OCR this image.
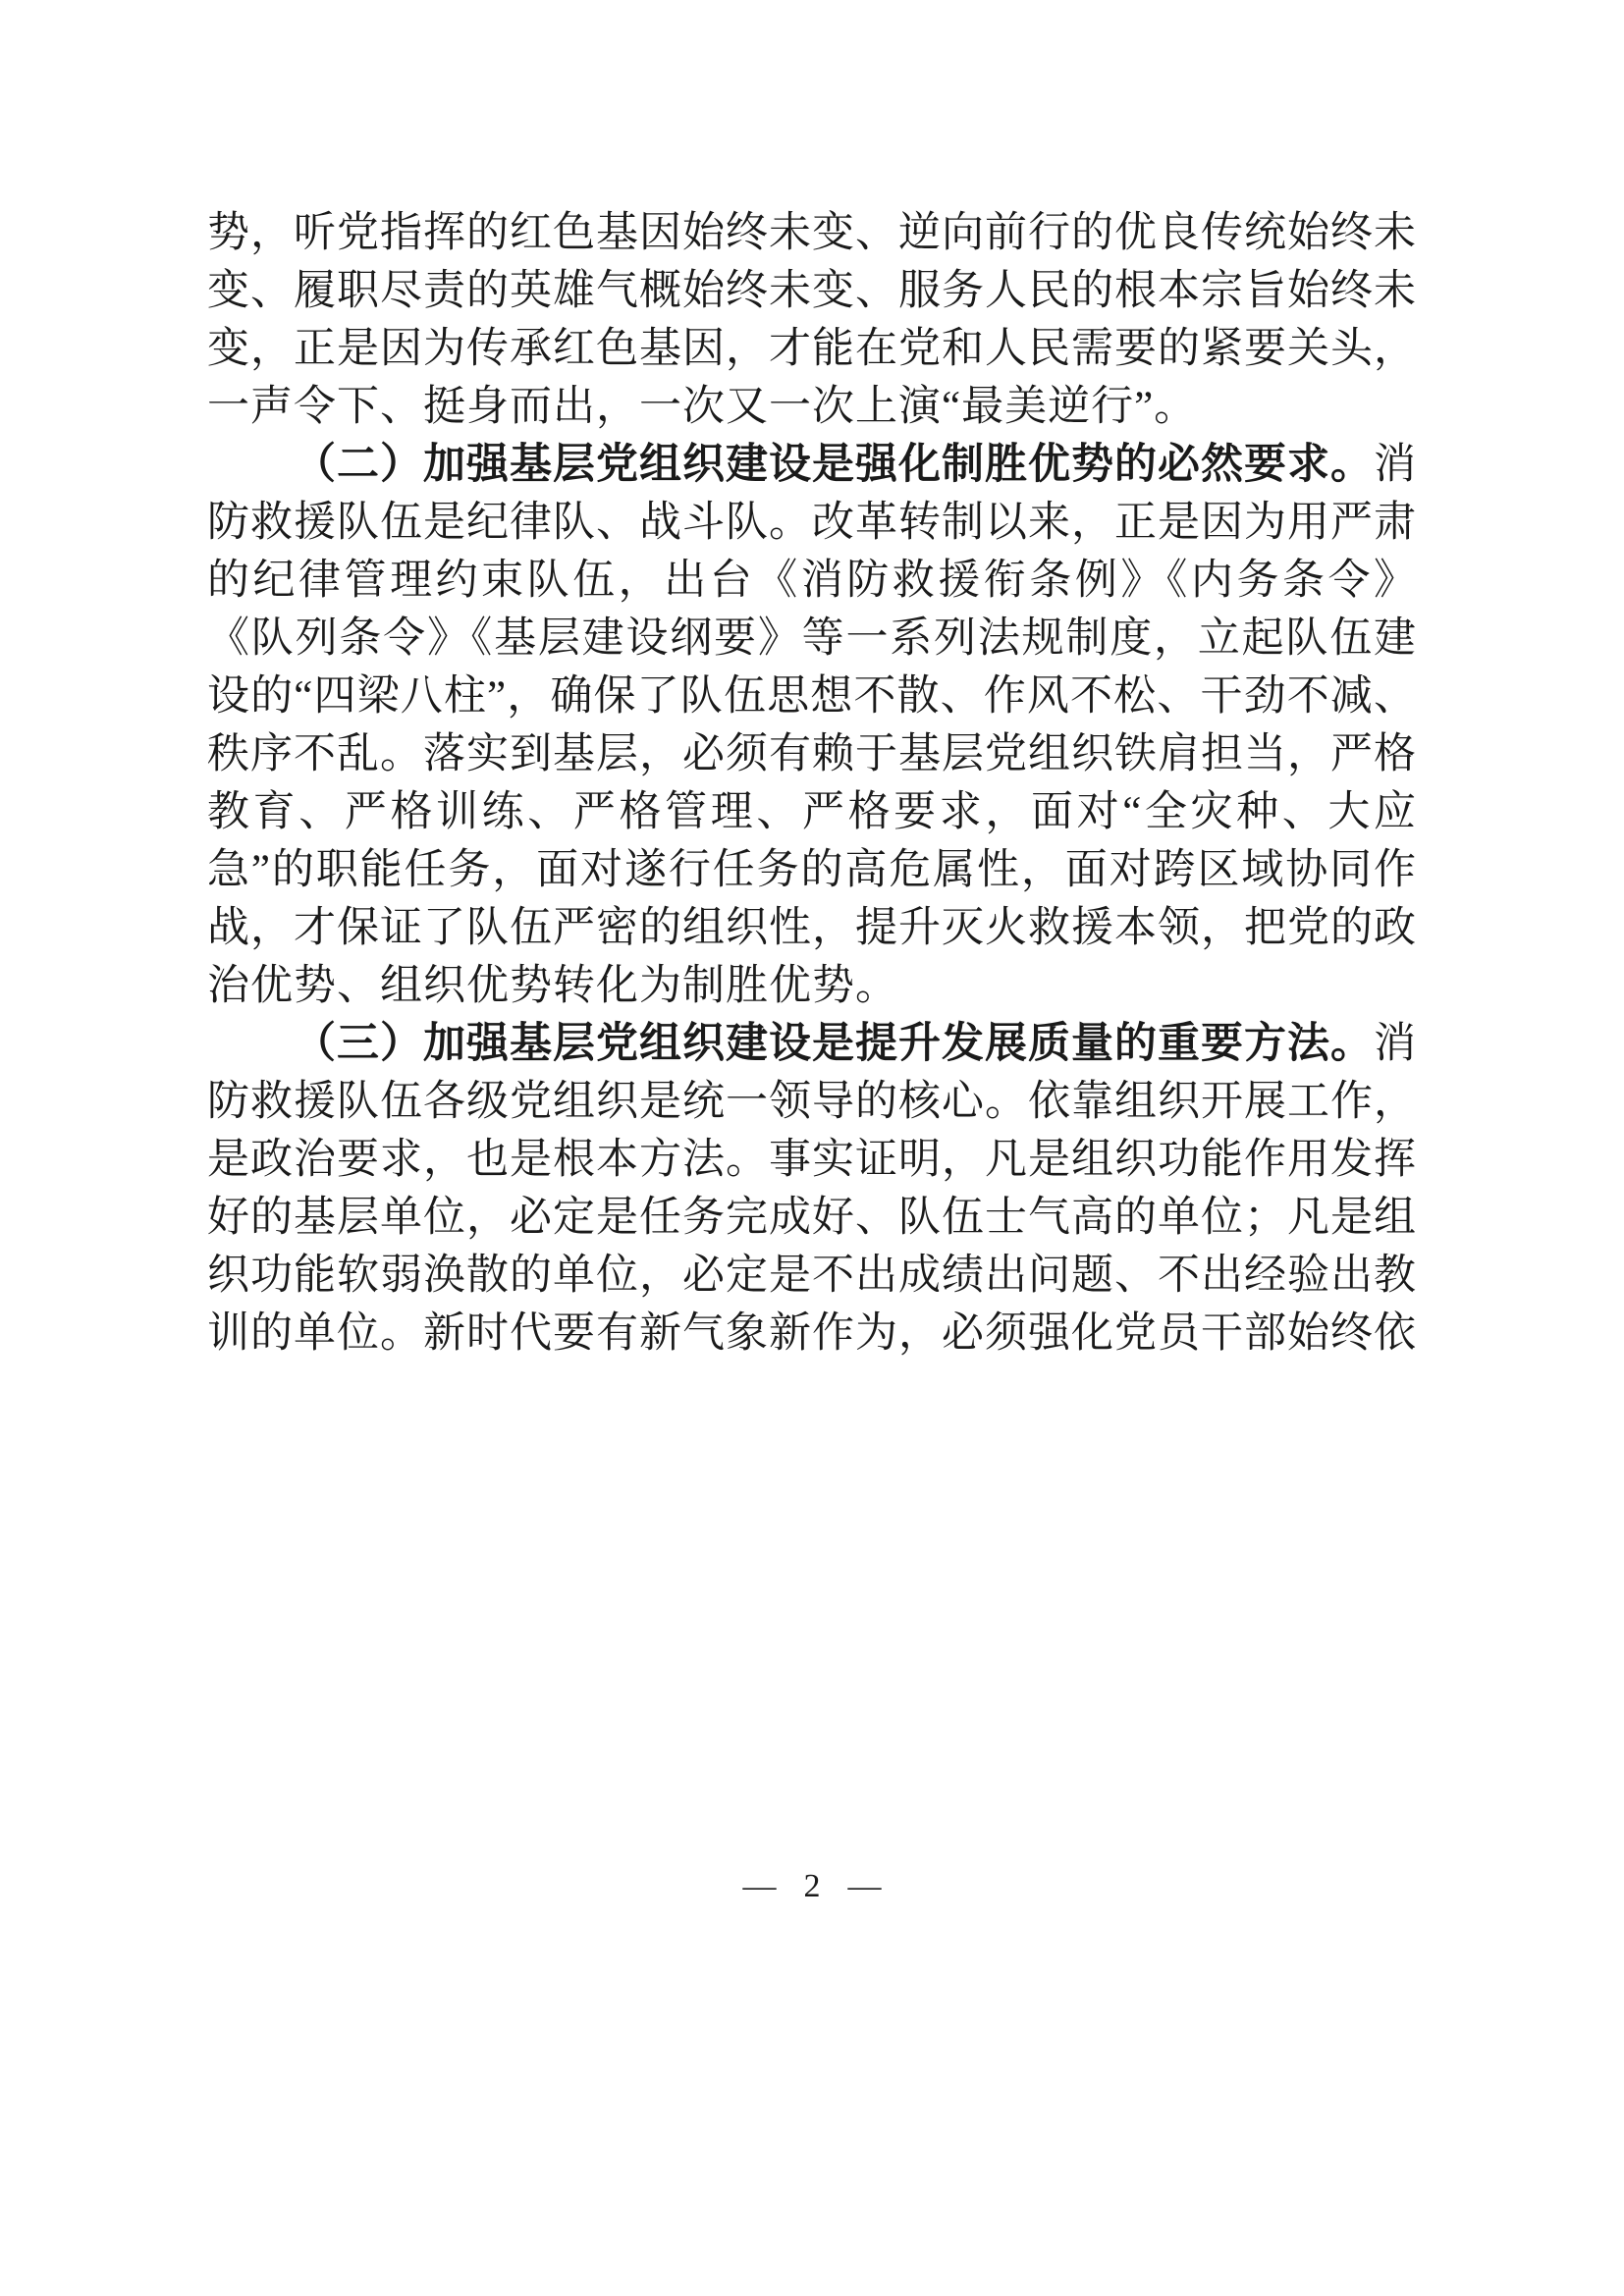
势，听党指挥的红色基因始终未变、逆向前行的优良传统始终未变、履职尽责的英雄气概始终未变、服务人民的根本宗旨始终未变，正是因为传承红色基因，才能在党和人民需要的紧要关头，一声令下、挺身而出，一次又一次上演“最美逆行”。

（二）加强基层党组织建设是强化制胜优势的必然要求。消防救援队伍是纪律队、战斗队。改革转制以来，正是因为用严肃的纪律管理约束队伍，出台《消防救援衔条例》《内务条令》《队列条令》《基层建设纲要》等一系列法规制度，立起队伍建设的“四梁八柱”，确保了队伍思想不散、作风不松、干劲不减、秩序不乱。落实到基层，必须有赖于基层党组织铁肩担当，严格教育、严格训练、严格管理、严格要求，面对“全灾种、大应急”的职能任务，面对遂行任务的高危属性，面对跨区域协同作战，才保证了队伍严密的组织性，提升灭火救援本领，把党的政治优势、组织优势转化为制胜优势。

（三）加强基层党组织建设是提升发展质量的重要方法。消防救援队伍各级党组织是统一领导的核心。依靠组织开展工作，是政治要求，也是根本方法。事实证明，凡是组织功能作用发挥好的基层单位，必定是任务完成好、队伍士气高的单位；凡是组织功能软弱涣散的单位，必定是不出成绩出问题、不出经验出教训的单位。新时代要有新气象新作为，必须强化党员干部始终依

— 2 —
